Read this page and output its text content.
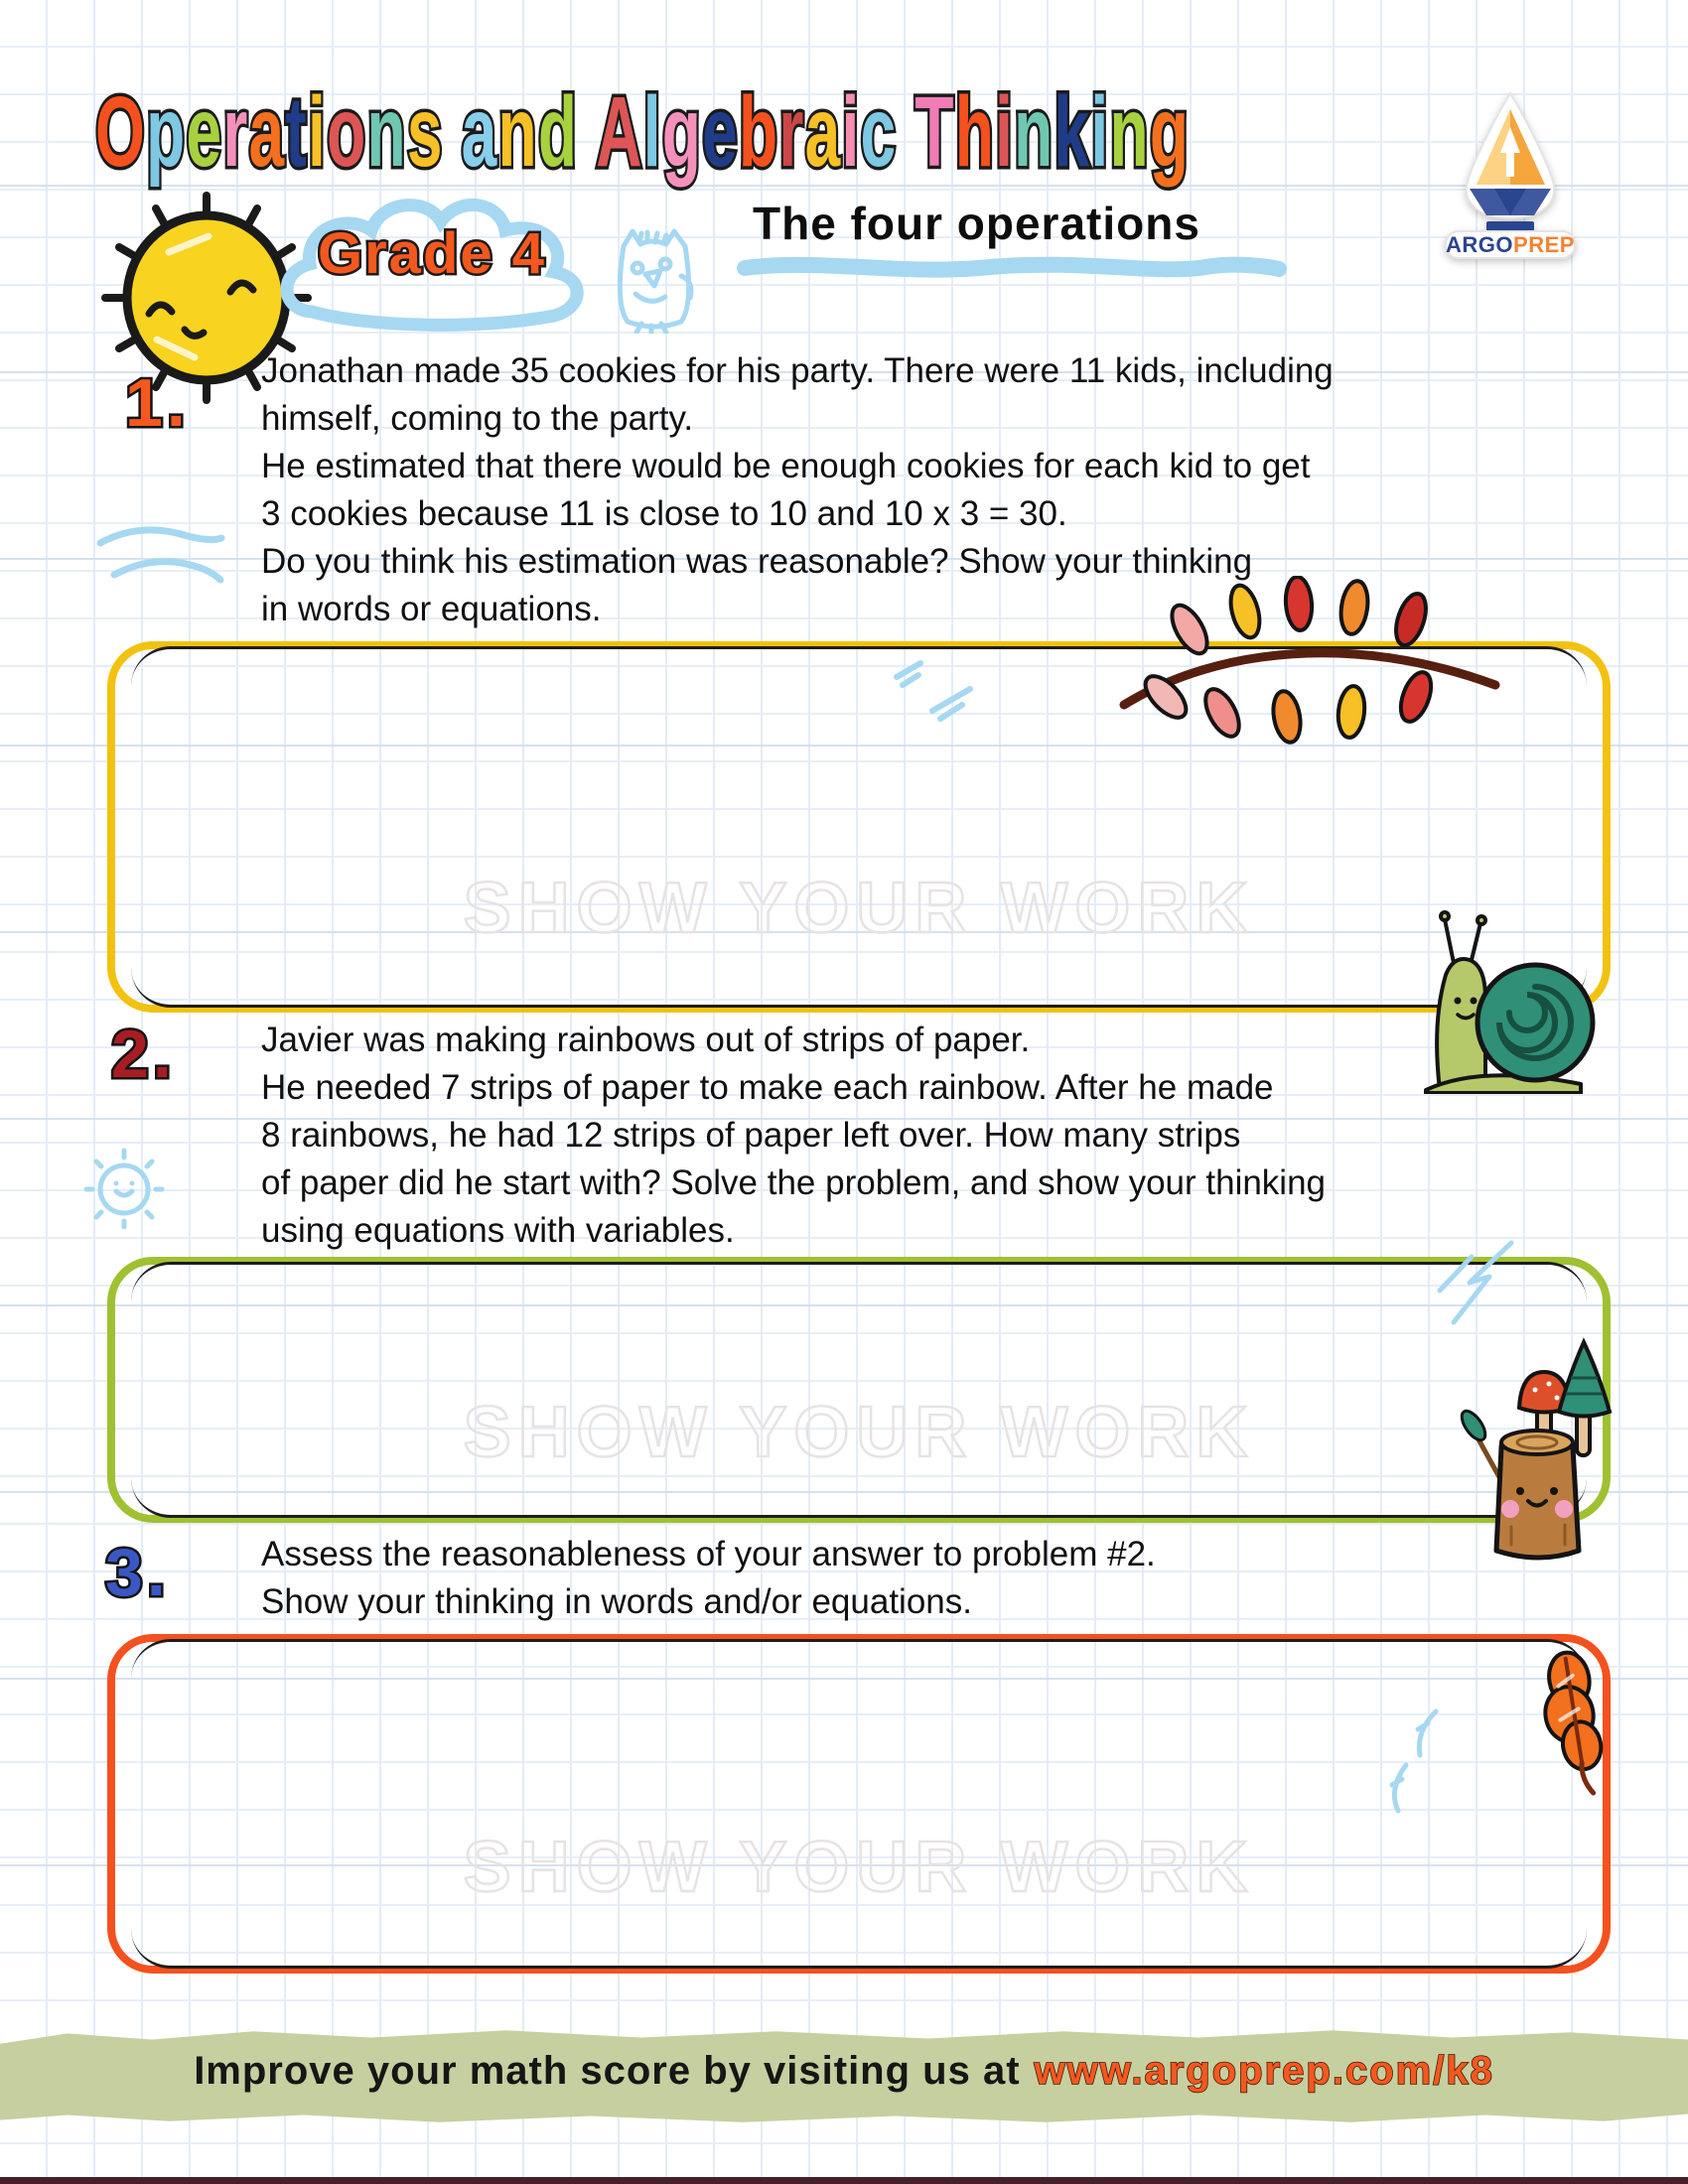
Operations and Algebraic Thinking
Grade 4	The four operations	ARGOPREP
1. Jonathan made 35 cookies for his party. There were 11 kids, including
himself, coming to the party.
He estimated that there would be enough cookies for each kid to get
3 cookies because 11 is close to 10 and 10 x 3 = 30.
Do you think his estimation was reasonable? Show your thinking
in words or equations.
SHOW YOUR WORK
2. Javier was making rainbows out of strips of paper.
He needed 7 strips of paper to make each rainbow. After he made
8 rainbows, he had 12 strips of paper left over. How many strips
of paper did he start with? Solve the problem, and show your thinking
using equations with variables.
SHOW YOUR WORK
3.	Assess the reasonableness of your answer to problem #2.
Show your thinking in words and/or equations.
SHOW YOUR WORK
Improve your math score by visiting us at www.argoprep.com/k8
